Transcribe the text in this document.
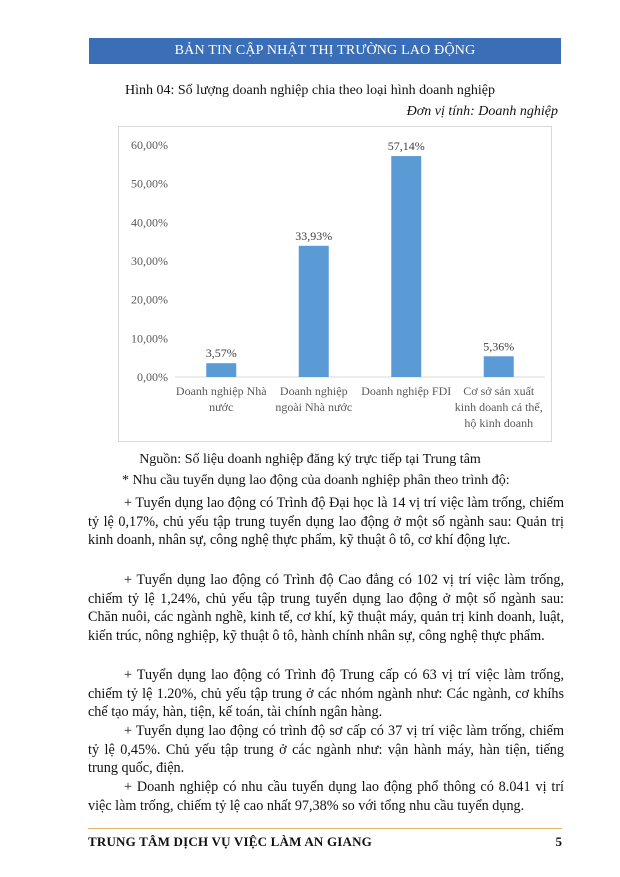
BẢN TIN CẬP NHẬT THỊ TRƯỜNG LAO ĐỘNG
Hình 04: Số lượng doanh nghiệp chia theo loại hình doanh nghiệp
Đơn vị tính: Doanh nghiệp
0,00%
10,00%
20,00%
30,00%
40,00%
50,00%
60,00%
3,57%
Doanh nghiệp Nhà
nước
33,93%
Doanh nghiệp
ngoài Nhà nước
57,14%
Doanh nghiệp FDI
5,36%
Cơ sở sản xuất
kinh doanh cá thể,
hộ kinh doanh
Nguồn: Số liệu doanh nghiệp đăng ký trực tiếp tại Trung tâm
* Nhu cầu tuyển dụng lao động của doanh nghiệp phân theo trình độ:

+ Tuyển dụng lao động có Trình độ Đại học là 14 vị trí việc làm trống, chiếm tỷ lệ 0,17%, chủ yếu tập trung tuyển dụng lao động ở một số ngành sau: Quản trị kinh doanh, nhân sự, công nghệ thực phẩm, kỹ thuật ô tô, cơ khí động lực.

+ Tuyển dụng lao động có Trình độ Cao đẳng có 102 vị trí việc làm trống, chiếm tỷ lệ 1,24%, chủ yếu tập trung tuyển dụng lao động ở một số ngành sau: Chăn nuôi, các ngành nghề, kinh tế, cơ khí, kỹ thuật máy, quản trị kinh doanh, luật, kiến trúc, nông nghiệp, kỹ thuật ô tô, hành chính nhân sự, công nghệ thực phẩm.

+ Tuyển dụng lao động có Trình độ Trung cấp có 63 vị trí việc làm trống, chiếm tỷ lệ 1.20%, chủ yếu tập trung ở các nhóm ngành như: Các ngành, cơ khíhs chế tạo máy, hàn, tiện, kế toán, tài chính ngân hàng.

+ Tuyển dụng lao động có trình độ sơ cấp có 37 vị trí việc làm trống, chiếm tỷ lệ 0,45%. Chủ yếu tập trung ở các ngành như: vận hành máy, hàn tiện, tiếng trung quốc, điện.

+ Doanh nghiệp có nhu cầu tuyển dụng lao động phổ thông có 8.041 vị trí việc làm trống, chiếm tỷ lệ cao nhất 97,38% so với tổng nhu cầu tuyển dụng.

TRUNG TÂM DỊCH VỤ VIỆC LÀM AN GIANG	5
